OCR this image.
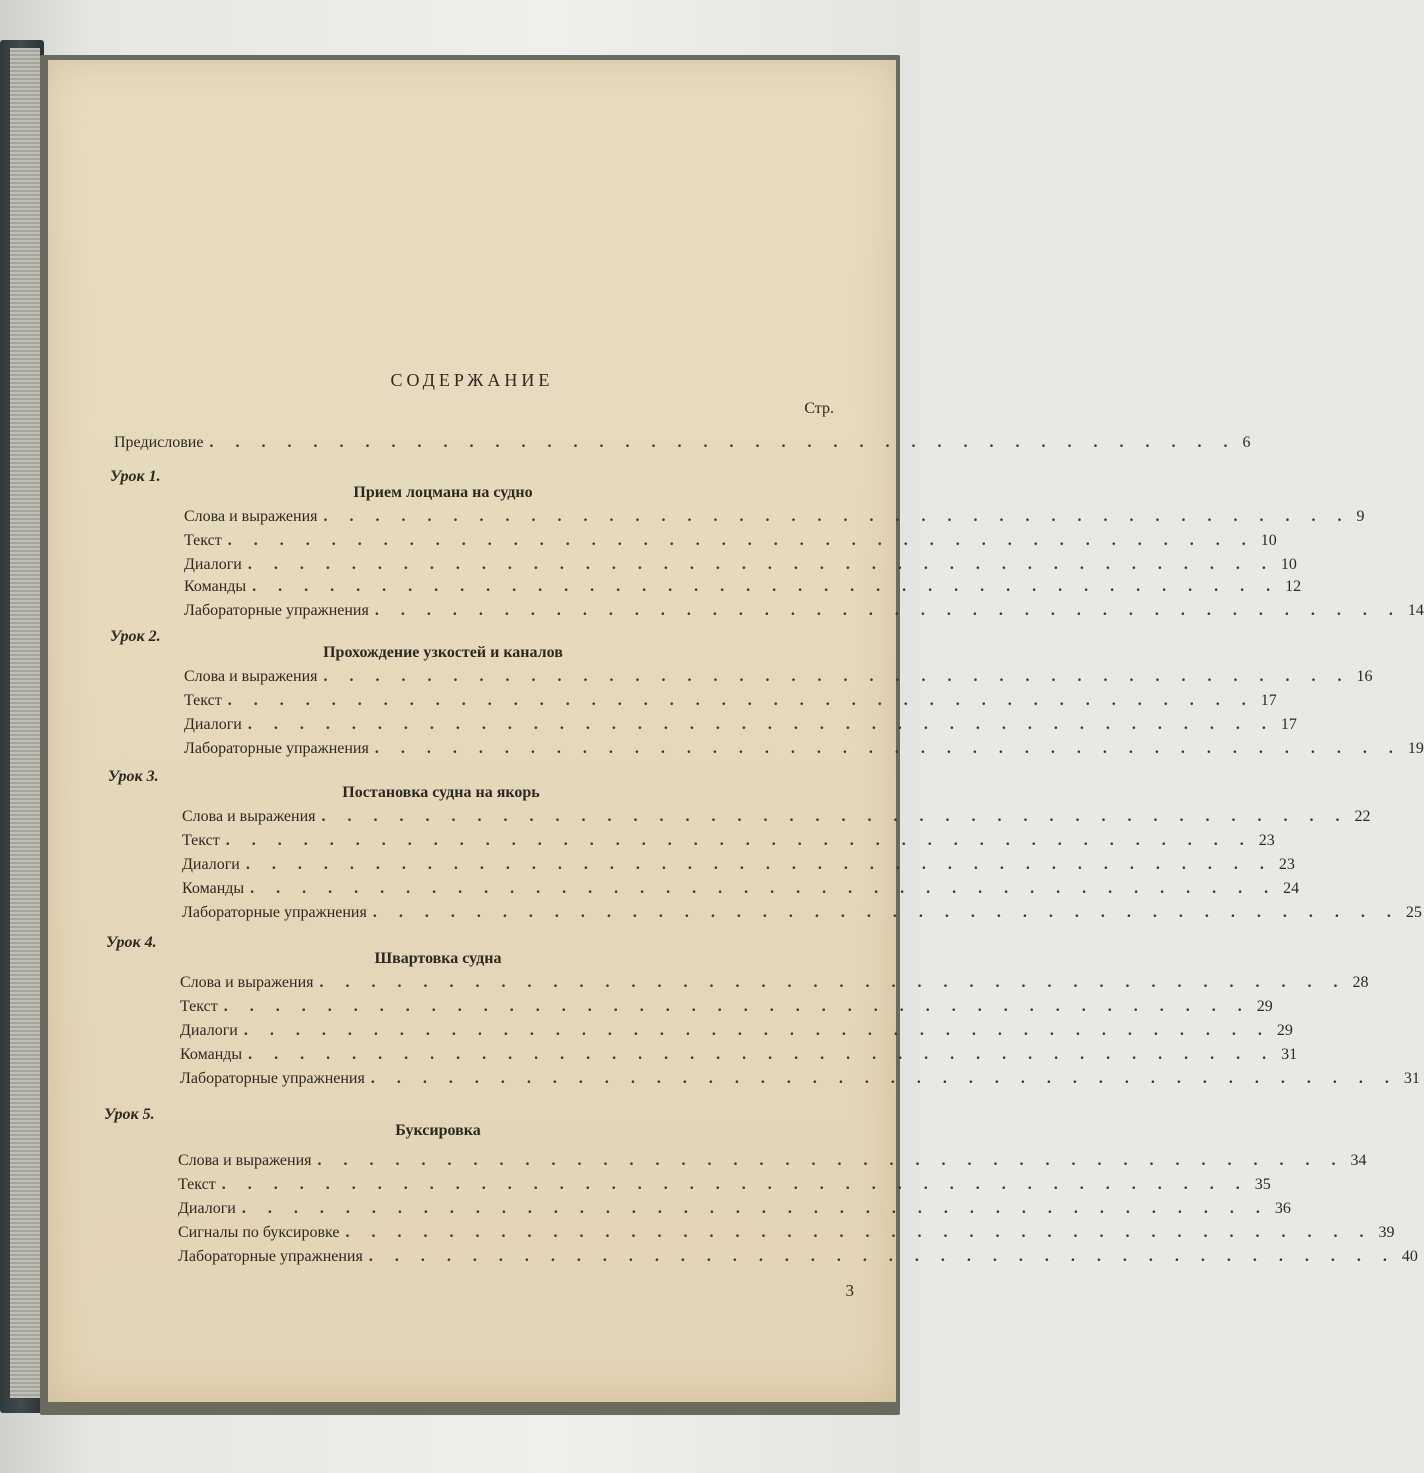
СОДЕРЖАНИЕ
Стр.
Предисловие . . . . . . . . . . . . . . . . . . . . . . . . . . . . . . . . . . . . . . . . 6
Урок 1.
Прием лоцмана на судно
Слова и выражения . . . . . . . . . . . . . . . . . . . . . . . . . . . . . . . . . . . . . . . . 9
Текст . . . . . . . . . . . . . . . . . . . . . . . . . . . . . . . . . . . . . . . . 10
Диалоги . . . . . . . . . . . . . . . . . . . . . . . . . . . . . . . . . . . . . . . . 10
Команды . . . . . . . . . . . . . . . . . . . . . . . . . . . . . . . . . . . . . . . . 12
Лабораторные упражнения . . . . . . . . . . . . . . . . . . . . . . . . . . . . . . . . . . . . . . . . 14
Урок 2.
Прохождение узкостей и каналов
Слова и выражения . . . . . . . . . . . . . . . . . . . . . . . . . . . . . . . . . . . . . . . . 16
Текст . . . . . . . . . . . . . . . . . . . . . . . . . . . . . . . . . . . . . . . . 17
Диалоги . . . . . . . . . . . . . . . . . . . . . . . . . . . . . . . . . . . . . . . . 17
Лабораторные упражнения . . . . . . . . . . . . . . . . . . . . . . . . . . . . . . . . . . . . . . . . 19
Урок 3.
Постановка судна на якорь
Слова и выражения . . . . . . . . . . . . . . . . . . . . . . . . . . . . . . . . . . . . . . . . 22
Текст . . . . . . . . . . . . . . . . . . . . . . . . . . . . . . . . . . . . . . . . 23
Диалоги . . . . . . . . . . . . . . . . . . . . . . . . . . . . . . . . . . . . . . . . 23
Команды . . . . . . . . . . . . . . . . . . . . . . . . . . . . . . . . . . . . . . . . 24
Лабораторные упражнения . . . . . . . . . . . . . . . . . . . . . . . . . . . . . . . . . . . . . . . . 25
Урок 4.
Швартовка судна
Слова и выражения . . . . . . . . . . . . . . . . . . . . . . . . . . . . . . . . . . . . . . . . 28
Текст . . . . . . . . . . . . . . . . . . . . . . . . . . . . . . . . . . . . . . . . 29
Диалоги . . . . . . . . . . . . . . . . . . . . . . . . . . . . . . . . . . . . . . . . 29
Команды . . . . . . . . . . . . . . . . . . . . . . . . . . . . . . . . . . . . . . . . 31
Лабораторные упражнения . . . . . . . . . . . . . . . . . . . . . . . . . . . . . . . . . . . . . . . . 31
Урок 5.
Буксировка
Слова и выражения . . . . . . . . . . . . . . . . . . . . . . . . . . . . . . . . . . . . . . . . 34
Текст . . . . . . . . . . . . . . . . . . . . . . . . . . . . . . . . . . . . . . . . 35
Диалоги . . . . . . . . . . . . . . . . . . . . . . . . . . . . . . . . . . . . . . . . 36
Сигналы по буксировке . . . . . . . . . . . . . . . . . . . . . . . . . . . . . . . . . . . . . . . . 39
Лабораторные упражнения . . . . . . . . . . . . . . . . . . . . . . . . . . . . . . . . . . . . . . . . 40
3
